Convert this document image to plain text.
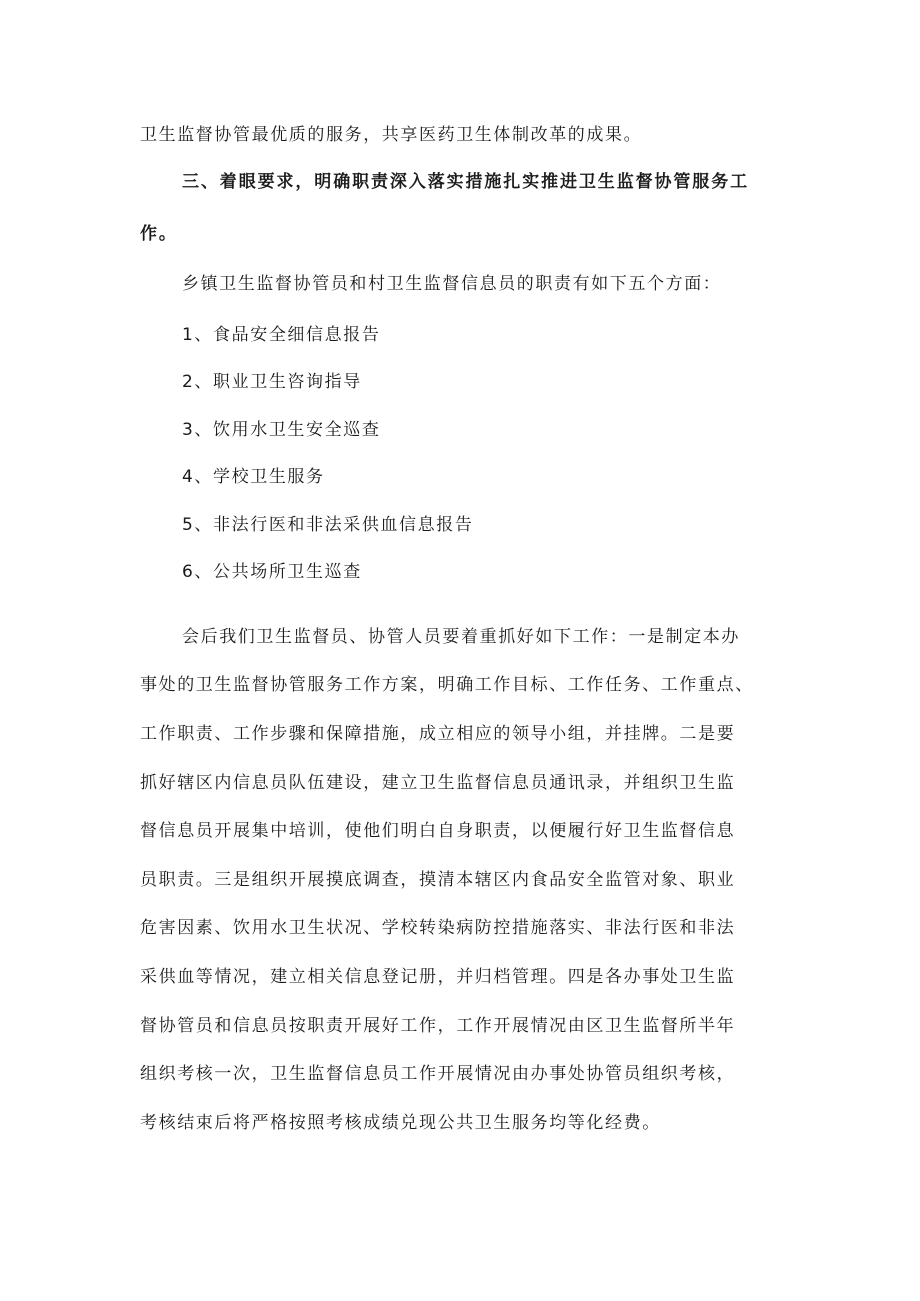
卫生监督协管最优质的服务，共享医药卫生体制改革的成果。
三、着眼要求，明确职责深入落实措施扎实推进卫生监督协管服务工
作。
乡镇卫生监督协管员和村卫生监督信息员的职责有如下五个方面：
1、食品安全细信息报告
2、职业卫生咨询指导
3、饮用水卫生安全巡查
4、学校卫生服务
5、非法行医和非法采供血信息报告
6、公共场所卫生巡查
会后我们卫生监督员、协管人员要着重抓好如下工作：一是制定本办
事处的卫生监督协管服务工作方案，明确工作目标、工作任务、工作重点、
工作职责、工作步骤和保障措施，成立相应的领导小组，并挂牌。二是要
抓好辖区内信息员队伍建设，建立卫生监督信息员通讯录，并组织卫生监
督信息员开展集中培训，使他们明白自身职责，以便履行好卫生监督信息
员职责。三是组织开展摸底调查，摸清本辖区内食品安全监管对象、职业
危害因素、饮用水卫生状况、学校转染病防控措施落实、非法行医和非法
采供血等情况，建立相关信息登记册，并归档管理。四是各办事处卫生监
督协管员和信息员按职责开展好工作，工作开展情况由区卫生监督所半年
组织考核一次，卫生监督信息员工作开展情况由办事处协管员组织考核，
考核结束后将严格按照考核成绩兑现公共卫生服务均等化经费。
